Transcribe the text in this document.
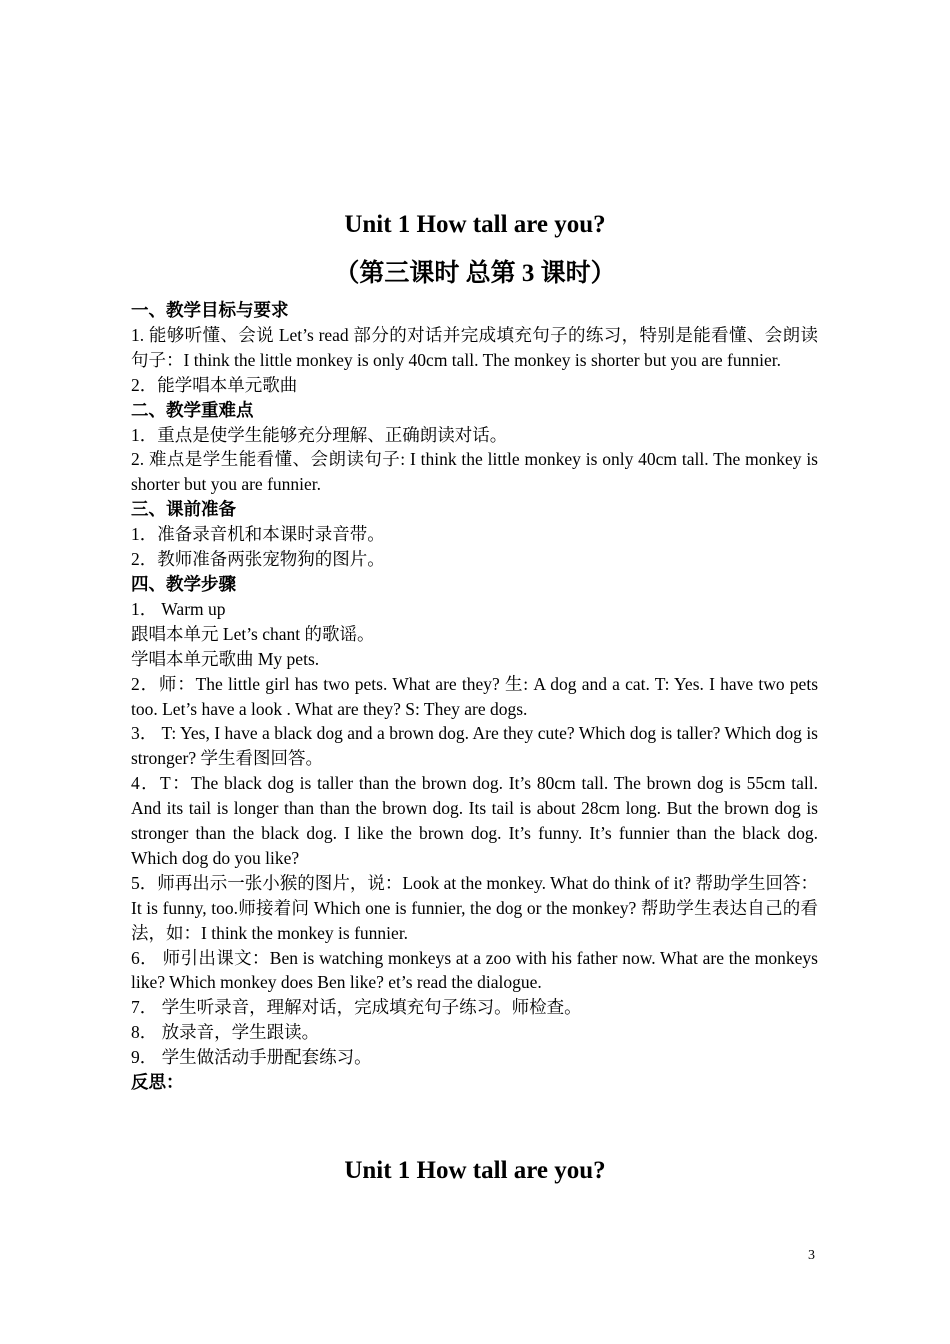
Unit 1 How tall are you?
（第三课时 总第 3 课时）

一、教学目标与要求

1. 能够听懂、会说 Let’s read 部分的对话并完成填充句子的练习，特别是能看懂、会朗读句子：I think the little monkey is only 40cm tall. The monkey is shorter but you are funnier.

2．能学唱本单元歌曲

二、教学重难点

1．重点是使学生能够充分理解、正确朗读对话。

2. 难点是学生能看懂、会朗读句子: I think the little monkey is only 40cm tall. The monkey is shorter but you are funnier.

三、课前准备

1．准备录音机和本课时录音带。

2．教师准备两张宠物狗的图片。

四、教学步骤

1． Warm up

跟唱本单元 Let’s chant 的歌谣。

学唱本单元歌曲 My pets.

2．师：The little girl has two pets. What are they? 生: A dog and a cat. T: Yes. I have two pets too. Let’s have a look . What are they? S: They are dogs.

3． T: Yes, I have a black dog and a brown dog. Are they cute? Which dog is taller? Which dog is stronger? 学生看图回答。

4．T：The black dog is taller than the brown dog. It’s 80cm tall. The brown dog is 55cm tall. And its tail is longer than than the brown dog. Its tail is about 28cm long. But the brown dog is stronger than the black dog. I like the brown dog. It’s funny. It’s funnier than the black dog. Which dog do you like?

5．师再出示一张小猴的图片，说：Look at the monkey. What do think of it? 帮助学生回答：It is funny, too.师接着问 Which one is funnier, the dog or the monkey? 帮助学生表达自己的看法，如：I think the monkey is funnier.

6． 师引出课文：Ben is watching monkeys at a zoo with his father now. What are the monkeys like? Which monkey does Ben like? et’s read the dialogue.

7． 学生听录音，理解对话，完成填充句子练习。师检查。

8． 放录音，学生跟读。

9． 学生做活动手册配套练习。

反思：

Unit 1 How tall are you?
3
